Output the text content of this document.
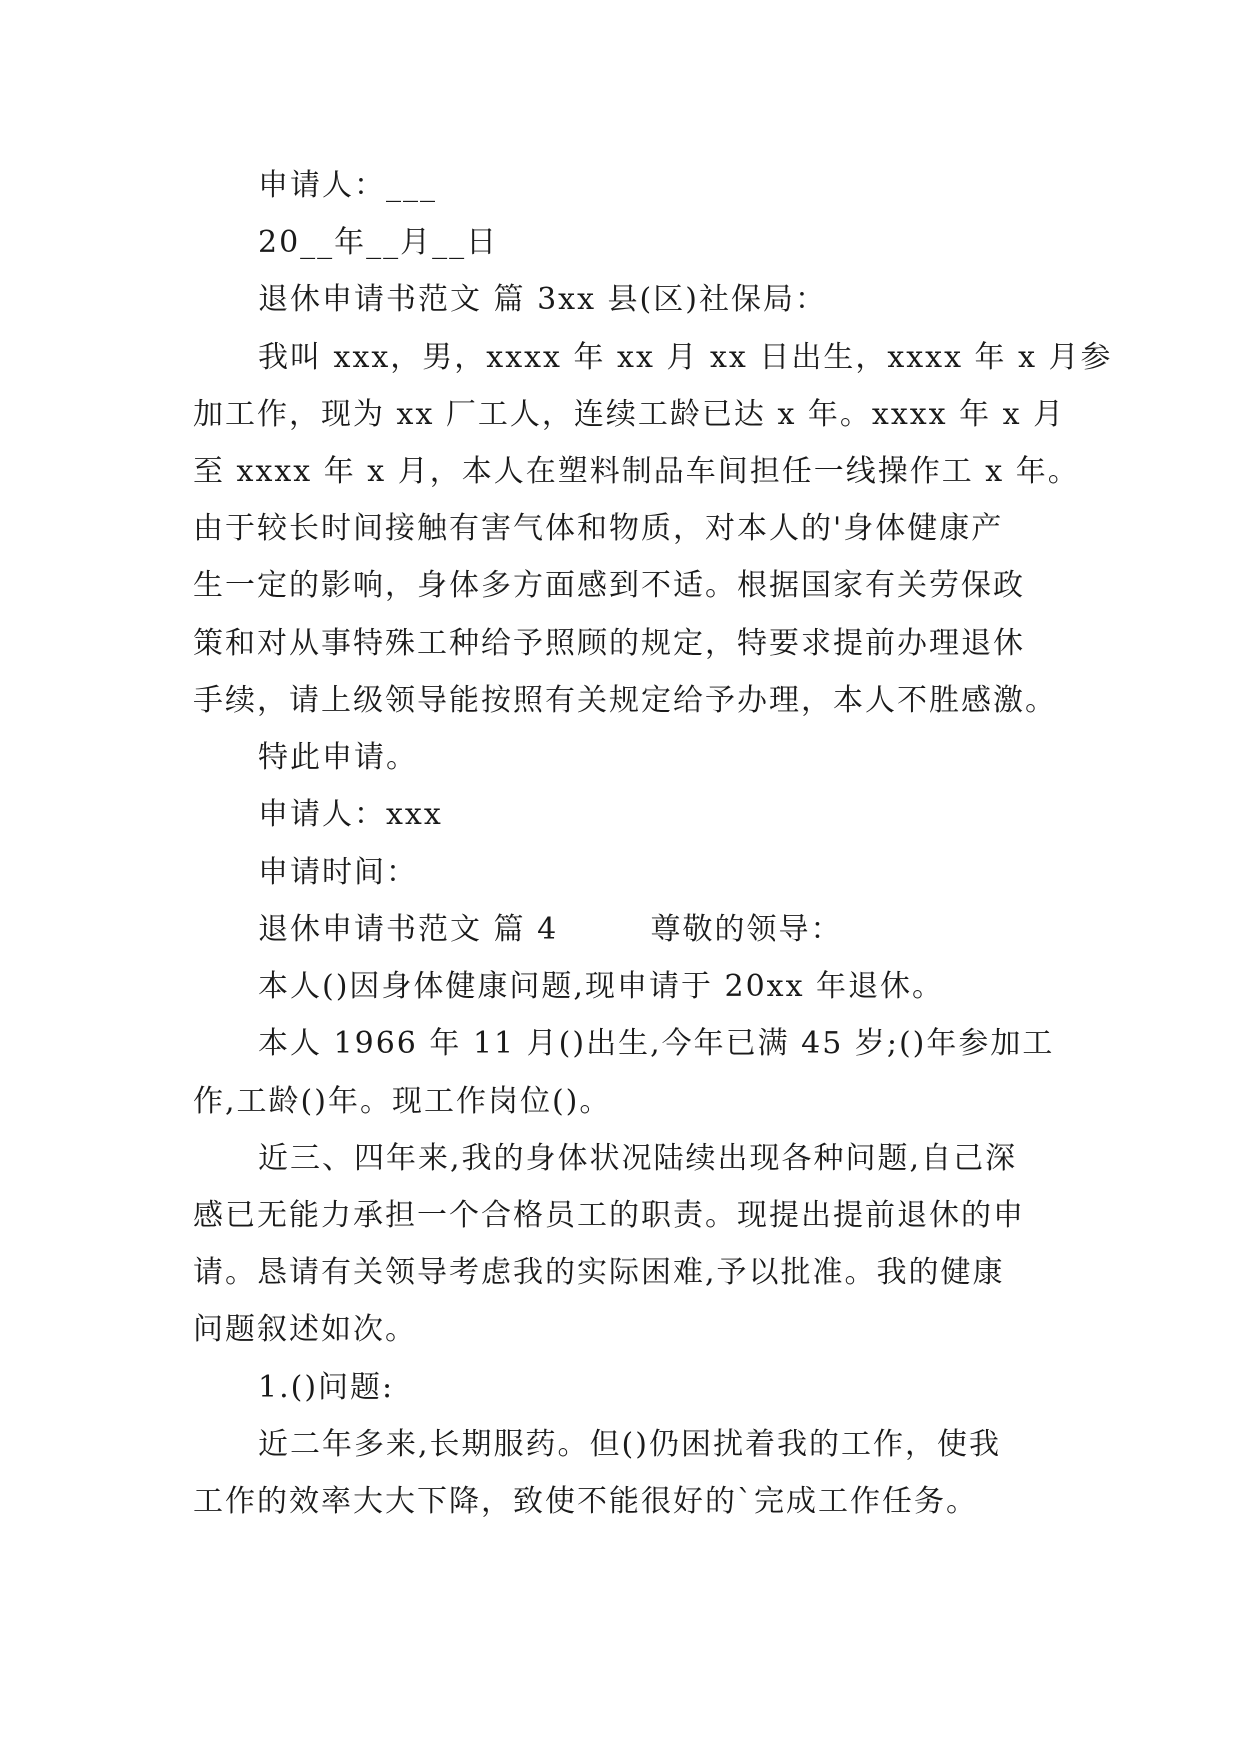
申请人：___
20__年__月__日
退休申请书范文 篇 3xx 县(区)社保局：
我叫 xxx，男，xxxx 年 xx 月 xx 日出生，xxxx 年 x 月参
加工作，现为 xx 厂工人，连续工龄已达 x 年。xxxx 年 x 月
至 xxxx 年 x 月，本人在塑料制品车间担任一线操作工 x 年。
由于较长时间接触有害气体和物质，对本人的'身体健康产
生一定的影响，身体多方面感到不适。根据国家有关劳保政
策和对从事特殊工种给予照顾的规定，特要求提前办理退休
手续，请上级领导能按照有关规定给予办理，本人不胜感激。
特此申请。
申请人：xxx
申请时间：
退休申请书范文 篇 4        尊敬的领导：
本人()因身体健康问题,现申请于 20xx 年退休。
本人 1966 年 11 月()出生,今年已满 45 岁;()年参加工
作,工龄()年。现工作岗位()。
近三、四年来,我的身体状况陆续出现各种问题,自己深
感已无能力承担一个合格员工的职责。现提出提前退休的申
请。恳请有关领导考虑我的实际困难,予以批准。我的健康
问题叙述如次。
1.()问题:
近二年多来,长期服药。但()仍困扰着我的工作，使我
工作的效率大大下降，致使不能很好的`完成工作任务。
